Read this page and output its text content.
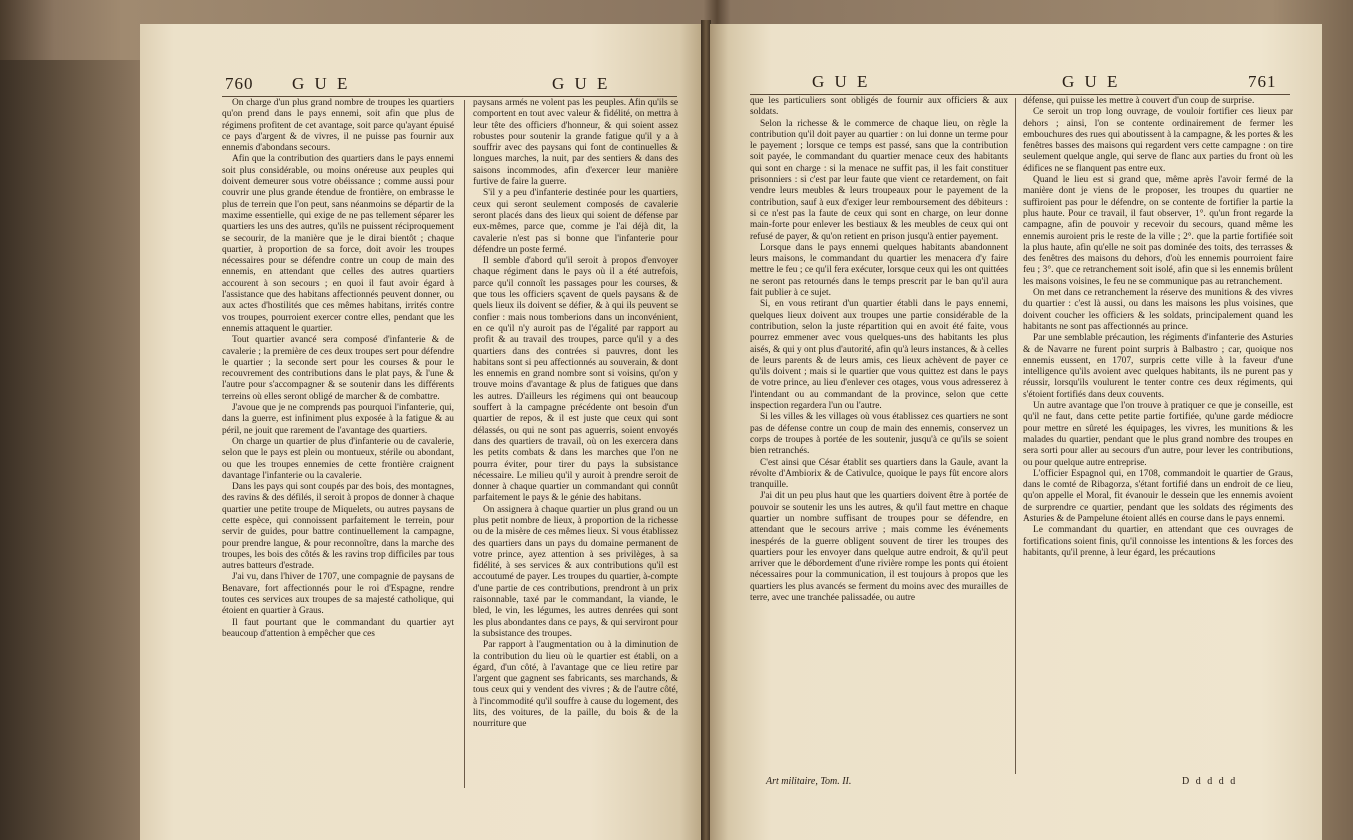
760 G U E	G U E

On charge d'un plus grand nombre de troupes les quartiers qu'on prend dans le pays ennemi, soit afin que plus de régimens profitent de cet avantage, soit parce qu'ayant épuisé ce pays d'argent & de vivres, il ne puisse pas fournir aux ennemis d'abondans secours.

Afin que la contribution des quartiers dans le pays ennemi soit plus considérable, ou moins onéreuse aux peuples qui doivent demeurer sous votre obéissance ; comme aussi pour couvrir une plus grande étendue de frontière, on embrasse le plus de terrein que l'on peut, sans néanmoins se départir de la maxime essentielle, qui exige de ne pas tellement séparer les quartiers les uns des autres, qu'ils ne puissent réciproquement se secourir, de la manière que je le dirai bientôt ; chaque quartier, à proportion de sa force, doit avoir les troupes nécessaires pour se défendre contre un coup de main des ennemis, en attendant que celles des autres quartiers accourent à son secours ; en quoi il faut avoir égard à l'assistance que des habitans affectionnés peuvent donner, ou aux actes d'hostilités que ces mêmes habitans, irrités contre vos troupes, pourroient exercer contre elles, pendant que les ennemis attaquent le quartier.

Tout quartier avancé sera composé d'infanterie & de cavalerie ; la première de ces deux troupes sert pour défendre le quartier ; la seconde sert pour les courses & pour le recouvrement des contributions dans le plat pays, & l'une & l'autre pour s'accompagner & se soutenir dans les différents terreins où elles seront obligé de marcher & de combattre.

J'avoue que je ne comprends pas pourquoi l'infanterie, qui, dans la guerre, est infiniment plus exposée à la fatigue & au péril, ne jouit que rarement de l'avantage des quartiers.

On charge un quartier de plus d'infanterie ou de cavalerie, selon que le pays est plein ou montueux, stérile ou abondant, ou que les troupes ennemies de cette frontière craignent davantage l'infanterie ou la cavalerie.

Dans les pays qui sont coupés par des bois, des montagnes, des ravins & des défilés, il seroit à propos de donner à chaque quartier une petite troupe de Miquelets, ou autres paysans de cette espèce, qui connoissent parfaitement le terrein, pour servir de guides, pour battre continuellement la campagne, pour prendre langue, & pour reconnoître, dans la marche des troupes, les bois des côtés & les ravins trop difficiles par tous autres batteurs d'estrade.

J'ai vu, dans l'hiver de 1707, une compagnie de paysans de Benavare, fort affectionnés pour le roi d'Espagne, rendre toutes ces services aux troupes de sa majesté catholique, qui étoient en quartier à Graus.

Il faut pourtant que le commandant du quartier ayt beaucoup d'attention à empêcher que ces

paysans armés ne volent pas les peuples. Afin qu'ils se comportent en tout avec valeur & fidélité, on mettra à leur tête des officiers d'honneur, & qui soient assez robustes pour soutenir la grande fatigue qu'il y a à souffrir avec des paysans qui font de continuelles & longues marches, la nuit, par des sentiers & dans des saisons incommodes, afin d'exercer leur manière furtive de faire la guerre.

S'il y a peu d'infanterie destinée pour les quartiers, ceux qui seront seulement composés de cavalerie seront placés dans des lieux qui soient de défense par eux-mêmes, parce que, comme je l'ai déjà dit, la cavalerie n'est pas si bonne que l'infanterie pour défendre un poste fermé.

Il semble d'abord qu'il seroit à propos d'envoyer chaque régiment dans le pays où il a été autrefois, parce qu'il connoît les passages pour les courses, & que tous les officiers sçavent de quels paysans & de quels lieux ils doivent se défier, & à qui ils peuvent se confier : mais nous tomberions dans un inconvénient, en ce qu'il n'y auroit pas de l'égalité par rapport au profit & au travail des troupes, parce qu'il y a des quartiers dans des contrées si pauvres, dont les habitans sont si peu affectionnés au souverain, & dont les ennemis en grand nombre sont si voisins, qu'on y trouve moins d'avantage & plus de fatigues que dans les autres. D'ailleurs les régimens qui ont beaucoup souffert à la campagne précédente ont besoin d'un quartier de repos, & il est juste que ceux qui sont délassés, ou qui ne sont pas aguerris, soient envoyés dans des quartiers de travail, où on les exercera dans les petits combats & dans les marches que l'on ne pourra éviter, pour tirer du pays la subsistance nécessaire. Le milieu qu'il y auroit à prendre seroit de donner à chaque quartier un commandant qui connût parfaitement le pays & le génie des habitans.

On assignera à chaque quartier un plus grand ou un plus petit nombre de lieux, à proportion de la richesse ou de la misère de ces mêmes lieux. Si vous établissez des quartiers dans un pays du domaine permanent de votre prince, ayez attention à ses privilèges, à sa fidélité, à ses services & aux contributions qu'il est accoutumé de payer. Les troupes du quartier, à-compte d'une partie de ces contributions, prendront à un prix raisonnable, taxé par le commandant, la viande, le bled, le vin, les légumes, les autres denrées qui sont les plus abondantes dans ce pays, & qui serviront pour la subsistance des troupes.

Par rapport à l'augmentation ou à la diminution de la contribution du lieu où le quartier est établi, on a égard, d'un côté, à l'avantage que ce lieu retire par l'argent que gagnent ses fabricants, ses marchands, & tous ceux qui y vendent des vivres ; & de l'autre côté, à l'incommodité qu'il souffre à cause du logement, des lits, des voitures, de la paille, du bois & de la nourriture que

G U E	G U E	761

que les particuliers sont obligés de fournir aux officiers & aux soldats.

Selon la richesse & le commerce de chaque lieu, on règle la contribution qu'il doit payer au quartier : on lui donne un terme pour le payement ; lorsque ce temps est passé, sans que la contribution soit payée, le commandant du quartier menace ceux des habitants qui sont en charge : si la menace ne suffit pas, il les fait constituer prisonniers : si c'est par leur faute que vient ce retardement, on fait vendre leurs meubles & leurs troupeaux pour le payement de la contribution, sauf à eux d'exiger leur remboursement des débiteurs : si ce n'est pas la faute de ceux qui sont en charge, on leur donne main-forte pour enlever les bestiaux & les meubles de ceux qui ont refusé de payer, & qu'on retient en prison jusqu'à entier payement.

Lorsque dans le pays ennemi quelques habitants abandonnent leurs maisons, le commandant du quartier les menacera d'y faire mettre le feu ; ce qu'il fera exécuter, lorsque ceux qui les ont quittées ne seront pas retournés dans le temps prescrit par le ban qu'il aura fait publier à ce sujet.

Si, en vous retirant d'un quartier établi dans le pays ennemi, quelques lieux doivent aux troupes une partie considérable de la contribution, selon la juste répartition qui en avoit été faite, vous pourrez emmener avec vous quelques-uns des habitants les plus aisés, & qui y ont plus d'autorité, afin qu'à leurs instances, & à celles de leurs parents & de leurs amis, ces lieux achèvent de payer ce qu'ils doivent ; mais si le quartier que vous quittez est dans le pays de votre prince, au lieu d'enlever ces otages, vous vous adresserez à l'intendant ou au commandant de la province, selon que cette inspection regardera l'un ou l'autre.

Si les villes & les villages où vous établissez ces quartiers ne sont pas de défense contre un coup de main des ennemis, conservez un corps de troupes à portée de les soutenir, jusqu'à ce qu'ils se soient bien retranchés.

C'est ainsi que César établit ses quartiers dans la Gaule, avant la révolte d'Ambiorix & de Cativulce, quoique le pays fût encore alors tranquille.

J'ai dit un peu plus haut que les quartiers doivent être à portée de pouvoir se soutenir les uns les autres, & qu'il faut mettre en chaque quartier un nombre suffisant de troupes pour se défendre, en attendant que le secours arrive ; mais comme les événements inespérés de la guerre obligent souvent de tirer les troupes des quartiers pour les envoyer dans quelque autre endroit, & qu'il peut arriver que le débordement d'une rivière rompe les ponts qui étoient nécessaires pour la communication, il est toujours à propos que les quartiers les plus avancés se ferment du moins avec des murailles de terre, avec une tranchée palissadée, ou autre

défense, qui puisse les mettre à couvert d'un coup de surprise.

Ce seroit un trop long ouvrage, de vouloir fortifier ces lieux par dehors ; ainsi, l'on se contente ordinairement de fermer les embouchures des rues qui aboutissent à la campagne, & les portes & les fenêtres basses des maisons qui regardent vers cette campagne : on tire seulement quelque angle, qui serve de flanc aux parties du front où les édifices ne se flanquent pas entre eux.

Quand le lieu est si grand que, même après l'avoir fermé de la manière dont je viens de le proposer, les troupes du quartier ne suffiroient pas pour le défendre, on se contente de fortifier la partie la plus haute. Pour ce travail, il faut observer, 1°. qu'un front regarde la campagne, afin de pouvoir y recevoir du secours, quand même les ennemis auroient pris le reste de la ville ; 2°. que la partie fortifiée soit la plus haute, afin qu'elle ne soit pas dominée des toits, des terrasses & des fenêtres des maisons du dehors, d'où les ennemis pourroient faire feu ; 3°. que ce retranchement soit isolé, afin que si les ennemis brûlent les maisons voisines, le feu ne se communique pas au retranchement.

On met dans ce retranchement la réserve des munitions & des vivres du quartier : c'est là aussi, ou dans les maisons les plus voisines, que doivent coucher les officiers & les soldats, principalement quand les habitants ne sont pas affectionnés au prince.

Par une semblable précaution, les régiments d'infanterie des Asturies & de Navarre ne furent point surpris à Balbastro ; car, quoique nos ennemis eussent, en 1707, surpris cette ville à la faveur d'une intelligence qu'ils avoient avec quelques habitants, ils ne purent pas y réussir, lorsqu'ils voulurent le tenter contre ces deux régiments, qui s'étoient fortifiés dans deux couvents.

Un autre avantage que l'on trouve à pratiquer ce que je conseille, est qu'il ne faut, dans cette petite partie fortifiée, qu'une garde médiocre pour mettre en sûreté les équipages, les vivres, les munitions & les malades du quartier, pendant que le plus grand nombre des troupes en sera sorti pour aller au secours d'un autre, pour lever les contributions, ou pour quelque autre entreprise.

L'officier Espagnol qui, en 1708, commandoit le quartier de Graus, dans le comté de Ribagorza, s'étant fortifié dans un endroit de ce lieu, qu'on appelle el Moral, fit évanouir le dessein que les ennemis avoient de surprendre ce quartier, pendant que les soldats des régiments des Asturies & de Pampelune étoient allés en course dans le pays ennemi.

Le commandant du quartier, en attendant que ces ouvrages de fortifications soient finis, qu'il connoisse les intentions & les forces des habitants, qu'il prenne, à leur égard, les précautions

Art militaire, Tom. II.	D d d d d
